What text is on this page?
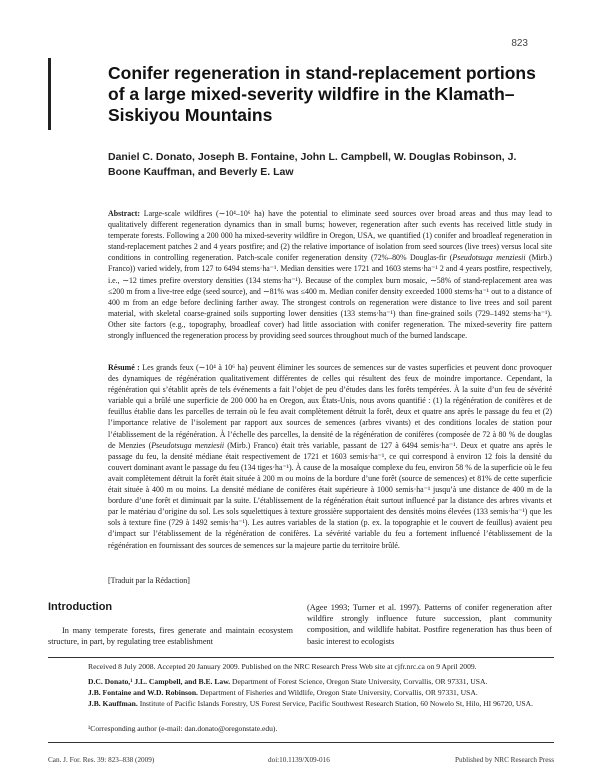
823
Conifer regeneration in stand-replacement portions of a large mixed-severity wildfire in the Klamath–Siskiyou Mountains
Daniel C. Donato, Joseph B. Fontaine, John L. Campbell, W. Douglas Robinson, J. Boone Kauffman, and Beverly E. Law
Abstract: Large-scale wildfires (∼10⁴–10⁶ ha) have the potential to eliminate seed sources over broad areas and thus may lead to qualitatively different regeneration dynamics than in small burns; however, regeneration after such events has received little study in temperate forests. Following a 200 000 ha mixed-severity wildfire in Oregon, USA, we quantified (1) conifer and broadleaf regeneration in stand-replacement patches 2 and 4 years postfire; and (2) the relative importance of isolation from seed sources (live trees) versus local site conditions in controlling regeneration. Patch-scale conifer regeneration density (72%–80% Douglas-fir (Pseudotsuga menziesii (Mirb.) Franco)) varied widely, from 127 to 6494 stems·ha⁻¹. Median densities were 1721 and 1603 stems·ha⁻¹ 2 and 4 years postfire, respectively, i.e., ∼12 times prefire overstory densities (134 stems·ha⁻¹). Because of the complex burn mosaic, ∼58% of stand-replacement area was ≤200 m from a live-tree edge (seed source), and ∼81% was ≤400 m. Median conifer density exceeded 1000 stems·ha⁻¹ out to a distance of 400 m from an edge before declining farther away. The strongest controls on regeneration were distance to live trees and soil parent material, with skeletal coarse-grained soils supporting lower densities (133 stems·ha⁻¹) than fine-grained soils (729–1492 stems·ha⁻¹). Other site factors (e.g., topography, broadleaf cover) had little association with conifer regeneration. The mixed-severity fire pattern strongly influenced the regeneration process by providing seed sources throughout much of the burned landscape.
Résumé : Les grands feux (∼10⁴ à 10⁶ ha) peuvent éliminer les sources de semences sur de vastes superficies et peuvent donc provoquer des dynamiques de régénération qualitativement différentes de celles qui résultent des feux de moindre importance. Cependant, la régénération qui s’établit après de tels événements a fait l’objet de peu d’études dans les forêts tempérées. À la suite d’un feu de sévérité variable qui a brûlé une superficie de 200 000 ha en Oregon, aux États-Unis, nous avons quantifié : (1) la régénération de conifères et de feuillus établie dans les parcelles de terrain où le feu avait complètement détruit la forêt, deux et quatre ans après le passage du feu et (2) l’importance relative de l’isolement par rapport aux sources de semences (arbres vivants) et des conditions locales de station pour l’établissement de la régénération. À l’échelle des parcelles, la densité de la régénération de conifères (composée de 72 à 80 % de douglas de Menzies (Pseudotsuga menziesii (Mirb.) Franco) était très variable, passant de 127 à 6494 semis·ha⁻¹. Deux et quatre ans après le passage du feu, la densité médiane était respectivement de 1721 et 1603 semis·ha⁻¹, ce qui correspond à environ 12 fois la densité du couvert dominant avant le passage du feu (134 tiges·ha⁻¹). À cause de la mosaïque complexe du feu, environ 58 % de la superficie où le feu avait complètement détruit la forêt était située à 200 m ou moins de la bordure d’une forêt (source de semences) et 81% de cette superficie était située à 400 m ou moins. La densité médiane de conifères était supérieure à 1000 semis·ha⁻¹ jusqu’à une distance de 400 m de la bordure d’une forêt et diminuait par la suite. L’établissement de la régénération était surtout influencé par la distance des arbres vivants et par le matériau d’origine du sol. Les sols squelettiques à texture grossière supportaient des densités moins élevées (133 semis·ha⁻¹) que les sols à texture fine (729 à 1492 semis·ha⁻¹). Les autres variables de la station (p. ex. la topographie et le couvert de feuillus) avaient peu d’impact sur l’établissement de la régénération de conifères. La sévérité variable du feu a fortement influencé l’établissement de la régénération en fournissant des sources de semences sur la majeure partie du territoire brûlé.
[Traduit par la Rédaction]
Introduction
In many temperate forests, fires generate and maintain ecosystem structure, in part, by regulating tree establishment
(Agee 1993; Turner et al. 1997). Patterns of conifer regeneration after wildfire strongly influence future succession, plant community composition, and wildlife habitat. Postfire regeneration has thus been of basic interest to ecologists
Received 8 July 2008. Accepted 20 January 2009. Published on the NRC Research Press Web site at cjfr.nrc.ca on 9 April 2009.
D.C. Donato,¹ J.L. Campbell, and B.E. Law. Department of Forest Science, Oregon State University, Corvallis, OR 97331, USA.
J.B. Fontaine and W.D. Robinson. Department of Fisheries and Wildlife, Oregon State University, Corvallis, OR 97331, USA.
J.B. Kauffman. Institute of Pacific Islands Forestry, US Forest Service, Pacific Southwest Research Station, 60 Nowelo St, Hilo, HI 96720, USA.
¹Corresponding author (e-mail: dan.donato@oregonstate.edu).
Can. J. For. Res. 39: 823–838 (2009)	doi:10.1139/X09-016	Published by NRC Research Press
